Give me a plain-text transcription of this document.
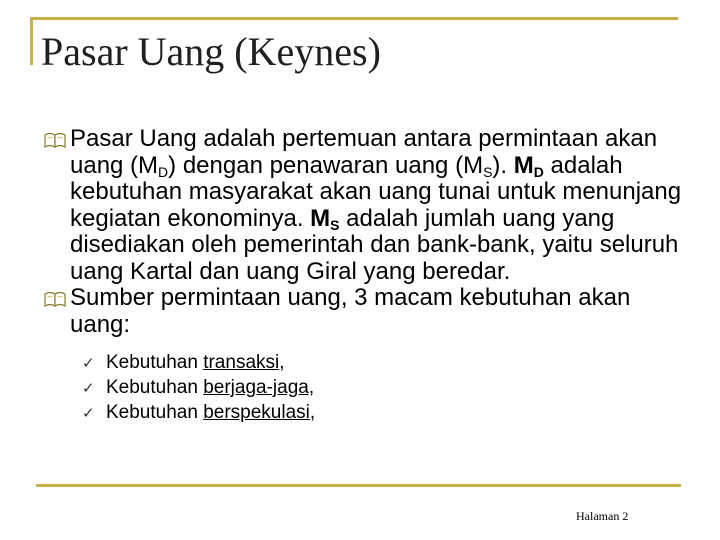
Pasar Uang (Keynes)

Pasar Uang adalah pertemuan antara permintaan akan uang $(M_D)$ dengan penawaran uang $(M_S)$. $M_D$ adalah kebutuhan masyarakat akan uang tunai untuk menunjang kegiatan ekonominya. $M_S$ adalah jumlah uang yang disediakan oleh pemerintah dan bank-bank, yaitu seluruh uang Kartal dan uang Giral yang beredar.

Sumber permintaan uang, 3 macam kebutuhan akan uang:

✓ Kebutuhan transaksi,
✓ Kebutuhan berjaga-jaga,
✓ Kebutuhan berspekulasi,
Halaman 2
